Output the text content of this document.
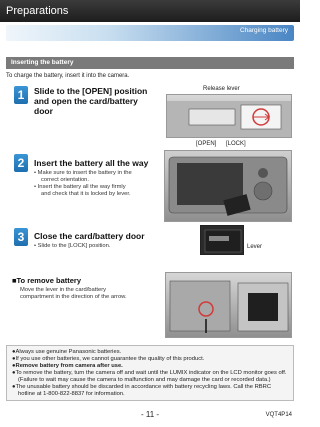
Preparations
Charging battery
Inserting the battery
To charge the battery, insert it into the camera.
1	Slide to the [OPEN] position
and open the card/battery
door
Release lever
[OPEN] [LOCK]
2	Insert the battery all the way
• Make sure to insert the battery in the
correct orientation.
• Insert the battery all the way firmly
and check that it is locked by lever.
3	Close the card/battery door
• Slide to the [LOCK] position.	Lever
■To remove battery
Move the lever in the card/battery
compartment in the direction of the arrow.
●Always use genuine Panasonic batteries.
●If you use other batteries, we cannot guarantee the quality of this product.
●Remove battery from camera after use.
●To remove the battery, turn the camera off and wait until the LUMIX indicator on the LCD monitor goes off. (Failure to wait may cause the camera to malfunction and may damage the card or recorded data.)
●The unusable battery should be discarded in accordance with battery recycling laws. Call the RBRC hotline at 1-800-822-8837 for information.
- 11 -	VQT4P14
